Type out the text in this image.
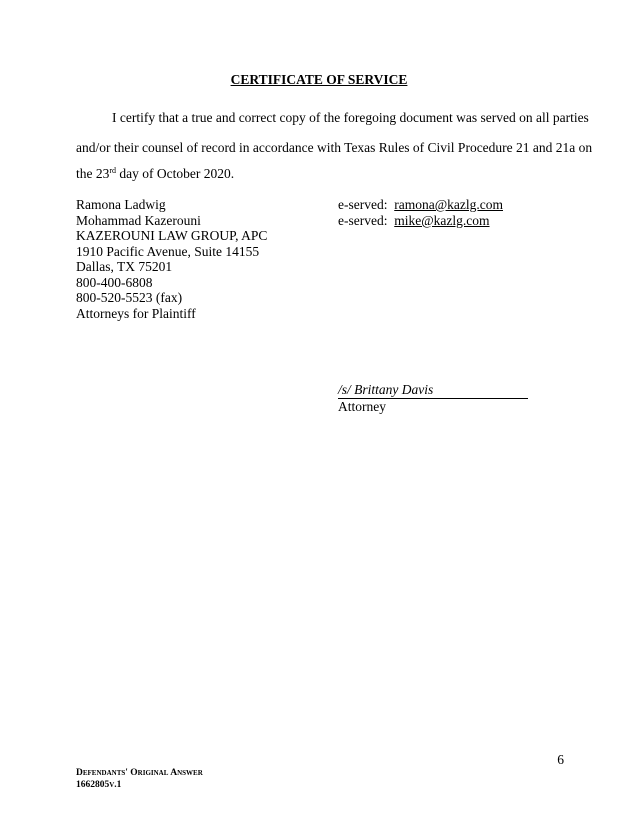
CERTIFICATE OF SERVICE
I certify that a true and correct copy of the foregoing document was served on all parties
and/or their counsel of record in accordance with Texas Rules of Civil Procedure 21 and 21a on
the 23rd day of October 2020.
Ramona Ladwig
Mohammad Kazerouni
KAZEROUNI LAW GROUP, APC
1910 Pacific Avenue, Suite 14155
Dallas, TX 75201
800-400-6808
800-520-5523 (fax)
Attorneys for Plaintiff
e-served: ramona@kazlg.com
e-served: mike@kazlg.com
/s/ Brittany Davis
Attorney
6
Defendants' Original Answer
1662805v.1
